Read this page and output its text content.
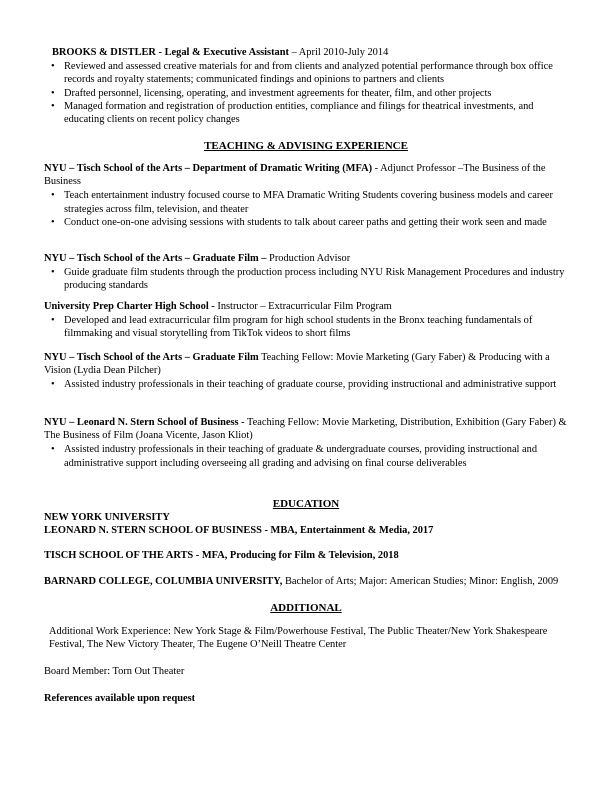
BROOKS & DISTLER - Legal & Executive Assistant – April 2010-July 2014
• Reviewed and assessed creative materials for and from clients and analyzed potential performance through box office records and royalty statements; communicated findings and opinions to partners and clients
• Drafted personnel, licensing, operating, and investment agreements for theater, film, and other projects
• Managed formation and registration of production entities, compliance and filings for theatrical investments, and educating clients on recent policy changes
TEACHING & ADVISING EXPERIENCE
NYU – Tisch School of the Arts – Department of Dramatic Writing (MFA) - Adjunct Professor –The Business of the Business
• Teach entertainment industry focused course to MFA Dramatic Writing Students covering business models and career strategies across film, television, and theater
• Conduct one-on-one advising sessions with students to talk about career paths and getting their work seen and made
NYU – Tisch School of the Arts – Graduate Film – Production Advisor
• Guide graduate film students through the production process including NYU Risk Management Procedures and industry producing standards
University Prep Charter High School - Instructor – Extracurricular Film Program
• Developed and lead extracurricular film program for high school students in the Bronx teaching fundamentals of filmmaking and visual storytelling from TikTok videos to short films
NYU – Tisch School of the Arts – Graduate Film Teaching Fellow: Movie Marketing (Gary Faber) & Producing with a Vision (Lydia Dean Pilcher)
• Assisted industry professionals in their teaching of graduate course, providing instructional and administrative support
NYU – Leonard N. Stern School of Business - Teaching Fellow: Movie Marketing, Distribution, Exhibition (Gary Faber) & The Business of Film (Joana Vicente, Jason Kliot)
• Assisted industry professionals in their teaching of graduate & undergraduate courses, providing instructional and administrative support including overseeing all grading and advising on final course deliverables
EDUCATION
NEW YORK UNIVERSITY
LEONARD N. STERN SCHOOL OF BUSINESS - MBA, Entertainment & Media, 2017
TISCH SCHOOL OF THE ARTS - MFA, Producing for Film & Television, 2018
BARNARD COLLEGE, COLUMBIA UNIVERSITY, Bachelor of Arts; Major: American Studies; Minor: English, 2009
ADDITIONAL
Additional Work Experience: New York Stage & Film/Powerhouse Festival, The Public Theater/New York Shakespeare Festival, The New Victory Theater, The Eugene O’Neill Theatre Center
Board Member: Torn Out Theater
References available upon request
